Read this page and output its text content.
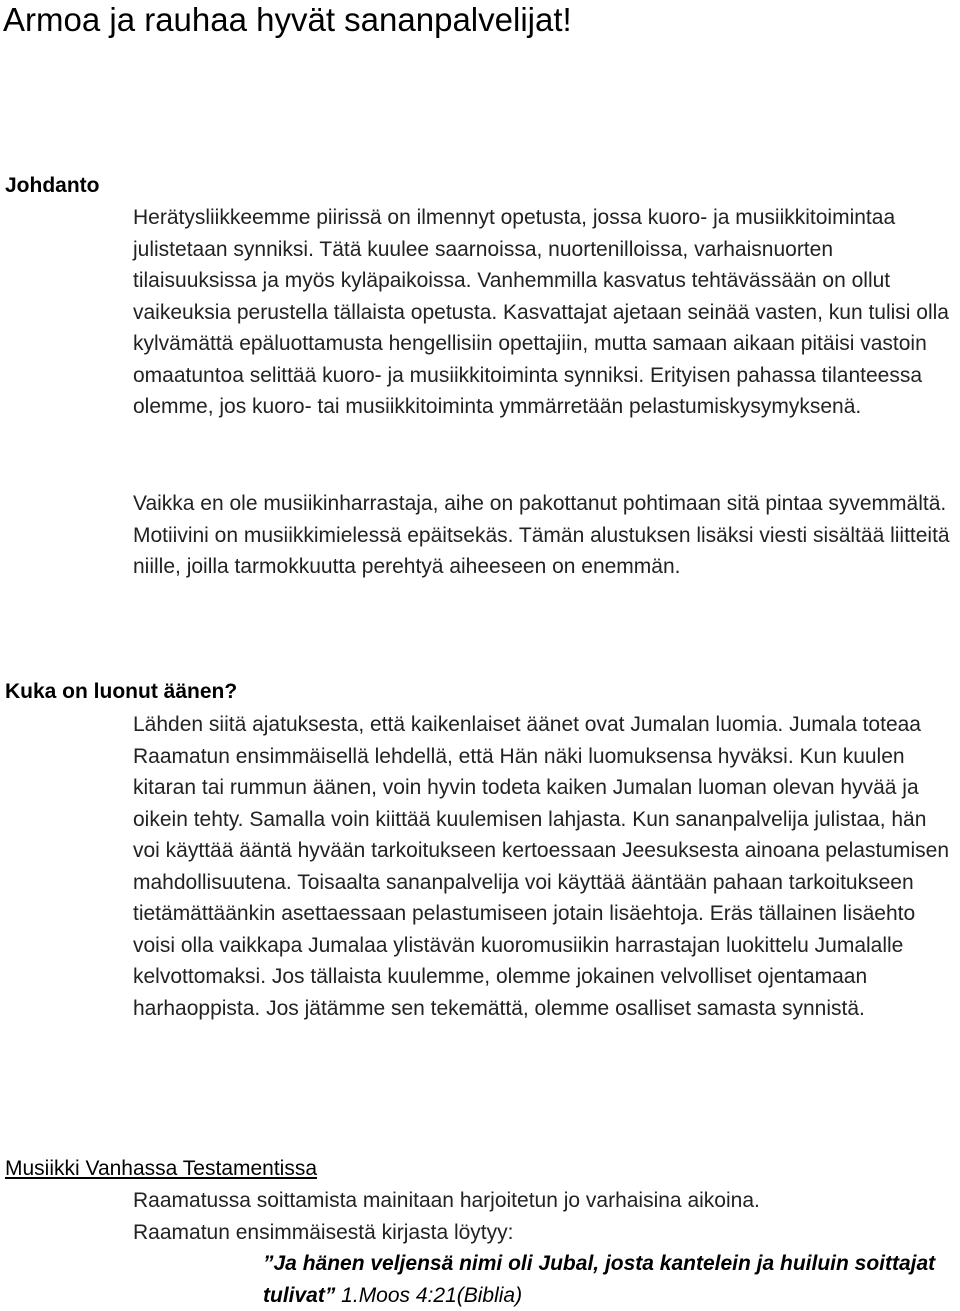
Armoa ja rauhaa hyvät sananpalvelijat!
Johdanto

Herätysliikkeemme piirissä on ilmennyt opetusta, jossa kuoro- ja musiikkitoimintaa julistetaan synniksi. Tätä kuulee saarnoissa, nuortenilloissa, varhaisnuorten tilaisuuksissa ja myös kyläpaikoissa. Vanhemmilla kasvatus tehtävässään on ollut vaikeuksia perustella tällaista opetusta. Kasvattajat ajetaan seinää vasten, kun tulisi olla kylvämättä epäluottamusta hengellisiin opettajiin, mutta samaan aikaan pitäisi vastoin omaatuntoa selittää kuoro- ja musiikkitoiminta synniksi. Erityisen pahassa tilanteessa olemme, jos kuoro- tai musiikkitoiminta ymmärretään pelastumiskysymyksenä.

Vaikka en ole musiikinharrastaja, aihe on pakottanut pohtimaan sitä pintaa syvemmältä. Motiivini on musiikkimielessä epäitsekäs. Tämän alustuksen lisäksi viesti sisältää liitteitä niille, joilla tarmokkuutta perehtyä aiheeseen on enemmän.

Kuka on luonut äänen?

Lähden siitä ajatuksesta, että kaikenlaiset äänet ovat Jumalan luomia. Jumala toteaa Raamatun ensimmäisellä lehdellä, että Hän näki luomuksensa hyväksi. Kun kuulen kitaran tai rummun äänen, voin hyvin todeta kaiken Jumalan luoman olevan hyvää ja oikein tehty. Samalla voin kiittää kuulemisen lahjasta. Kun sananpalvelija julistaa, hän voi käyttää ääntä hyvään tarkoitukseen kertoessaan Jeesuksesta ainoana pelastumisen mahdollisuutena. Toisaalta sananpalvelija voi käyttää ääntään pahaan tarkoitukseen tietämättäänkin asettaessaan pelastumiseen jotain lisäehtoja. Eräs tällainen lisäehto voisi olla vaikkapa Jumalaa ylistävän kuoromusiikin harrastajan luokittelu Jumalalle kelvottomaksi. Jos tällaista kuulemme, olemme jokainen velvolliset ojentamaan harhaoppista. Jos jätämme sen tekemättä, olemme osalliset samasta synnistä.

Musiikki Vanhassa Testamentissa

Raamatussa soittamista mainitaan harjoitetun jo varhaisina aikoina.

Raamatun ensimmäisestä kirjasta löytyy:

”Ja hänen veljensä nimi oli Jubal, josta kantelein ja huiluin soittajat tulivat” 1.Moos 4:21(Biblia)
